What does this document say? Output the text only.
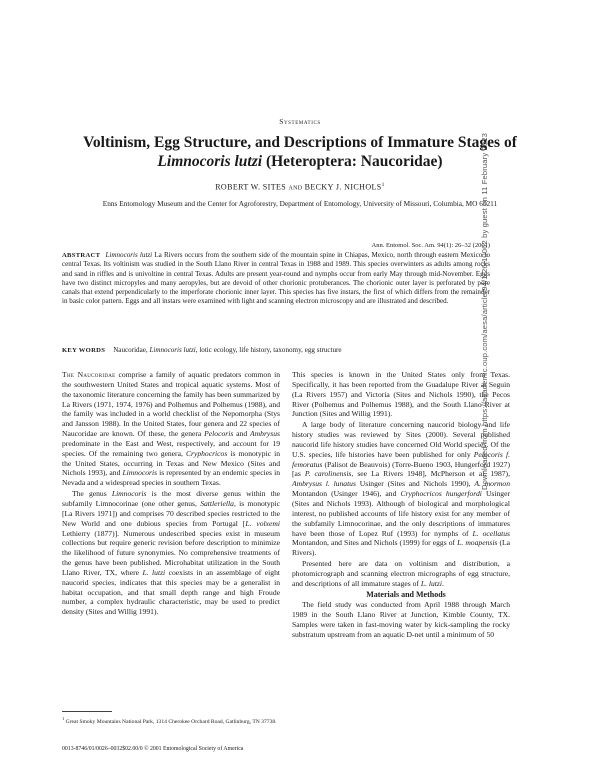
Systematics
Voltinism, Egg Structure, and Descriptions of Immature Stages of
Limnocoris lutzi (Heteroptera: Naucoridae)
ROBERT W. SITES and BECKY J. NICHOLS$^1$
Enns Entomology Museum and the Center for Agroforestry, Department of Entomology, University of Missouri, Columbia, MO 65211
Ann. Entomol. Soc. Am. 94(1): 26–32 (2001)
ABSTRACT Limnocoris lutzi La Rivers occurs from the southern side of the mountain spine in Chiapas, Mexico, north through eastern Mexico to central Texas. Its voltinism was studied in the South Llano River in central Texas in 1988 and 1989. This species overwinters as adults among rocks and sand in riffles and is univoltine in central Texas. Adults are present year-round and nymphs occur from early May through mid-November. Eggs have two distinct micropyles and many aeropyles, but are devoid of other chorionic protuberances. The chorionic outer layer is perforated by pore canals that extend perpendicularly to the imperforate chorionic inner layer. This species has five instars, the first of which differs from the remainder in basic color pattern. Eggs and all instars were examined with light and scanning electron microscopy and are illustrated and described.
KEY WORDS Naucoridae, Limnocoris lutzi, lotic ecology, life history, taxonomy, egg structure

The Naucoridae comprise a family of aquatic predators common in the southwestern United States and tropical aquatic systems. Most of the taxonomic literature concerning the family has been summarized by La Rivers (1971, 1974, 1976) and Polhemus and Polhemus (1988), and the family was included in a world checklist of the Nepomorpha (Stys and Jansson 1988). In the United States, four genera and 22 species of Naucoridae are known. Of these, the genera Pelocoris and Ambrysus predominate in the East and West, respectively, and account for 19 species. Of the remaining two genera, Cryphocricos is monotypic in the United States, occurring in Texas and New Mexico (Sites and Nichols 1993), and Limnocoris is represented by an endemic species in Nevada and a widespread species in southern Texas.

The genus Limnocoris is the most diverse genus within the subfamily Limnocorinae (one other genus, Sattleriella, is monotypic [La Rivers 1971]) and comprises 70 described species restricted to the New World and one dubious species from Portugal [L. volxemi Lethierry (1877)]. Numerous undescribed species exist in museum collections but require generic revision before description to minimize the likelihood of future synonymies. No comprehensive treatments of the genus have been published. Microhabitat utilization in the South Llano River, TX, where L. lutzi coexists in an assemblage of eight naucorid species, indicates that this species may be a generalist in habitat occupation, and that small depth range and high Froude number, a complex hydraulic characteristic, may be used to predict density (Sites and Willig 1991).

This species is known in the United States only from Texas. Specifically, it has been reported from the Guadalupe River at Seguin (La Rivers 1957) and Victoria (Sites and Nichols 1990), the Pecos River (Polhemus and Polhemus 1988), and the South Llano River at Junction (Sites and Willig 1991).

A large body of literature concerning naucorid biology and life history studies was reviewed by Sites (2000). Several published naucorid life history studies have concerned Old World species. Of the U.S. species, life histories have been published for only Pelocoris f. femoratus (Palisot de Beauvois) (Torre-Bueno 1903, Hungerford 1927) [as P. carolinensis, see La Rivers 1948], McPherson et al. 1987), Ambrysus l. lunatus Usinger (Sites and Nichols 1990), A. mormon Montandon (Usinger 1946), and Cryphocricos hungerfordi Usinger (Sites and Nichols 1993). Although of biological and morphological interest, no published accounts of life history exist for any member of the subfamily Limnocorinae, and the only descriptions of immatures have been those of Lopez Ruf (1993) for nymphs of L. ocellatus Montandon, and Sites and Nichols (1999) for eggs of L. moapensis (La Rivers).

Presented here are data on voltinism and distribution, a photomicrograph and scanning electron micrographs of egg structure, and descriptions of all immature stages of L. lutzi.

Materials and Methods

The field study was conducted from April 1988 through March 1989 in the South Llano River at Junction, Kimble County, TX. Samples were taken in fast-moving water by kick-sampling the rocky substratum upstream from an aquatic D-net until a minimum of 50

$^1$ Great Smoky Mountains National Park, 1314 Cherokee Orchard Road, Gatlinburg, TN 37738.
0013-8746/01/0026–0032$02.00/0 © 2001 Entomological Society of America
Downloaded from https://academic.oup.com/aesa/article/94/1/26/10062 by guest on 11 February 2023
